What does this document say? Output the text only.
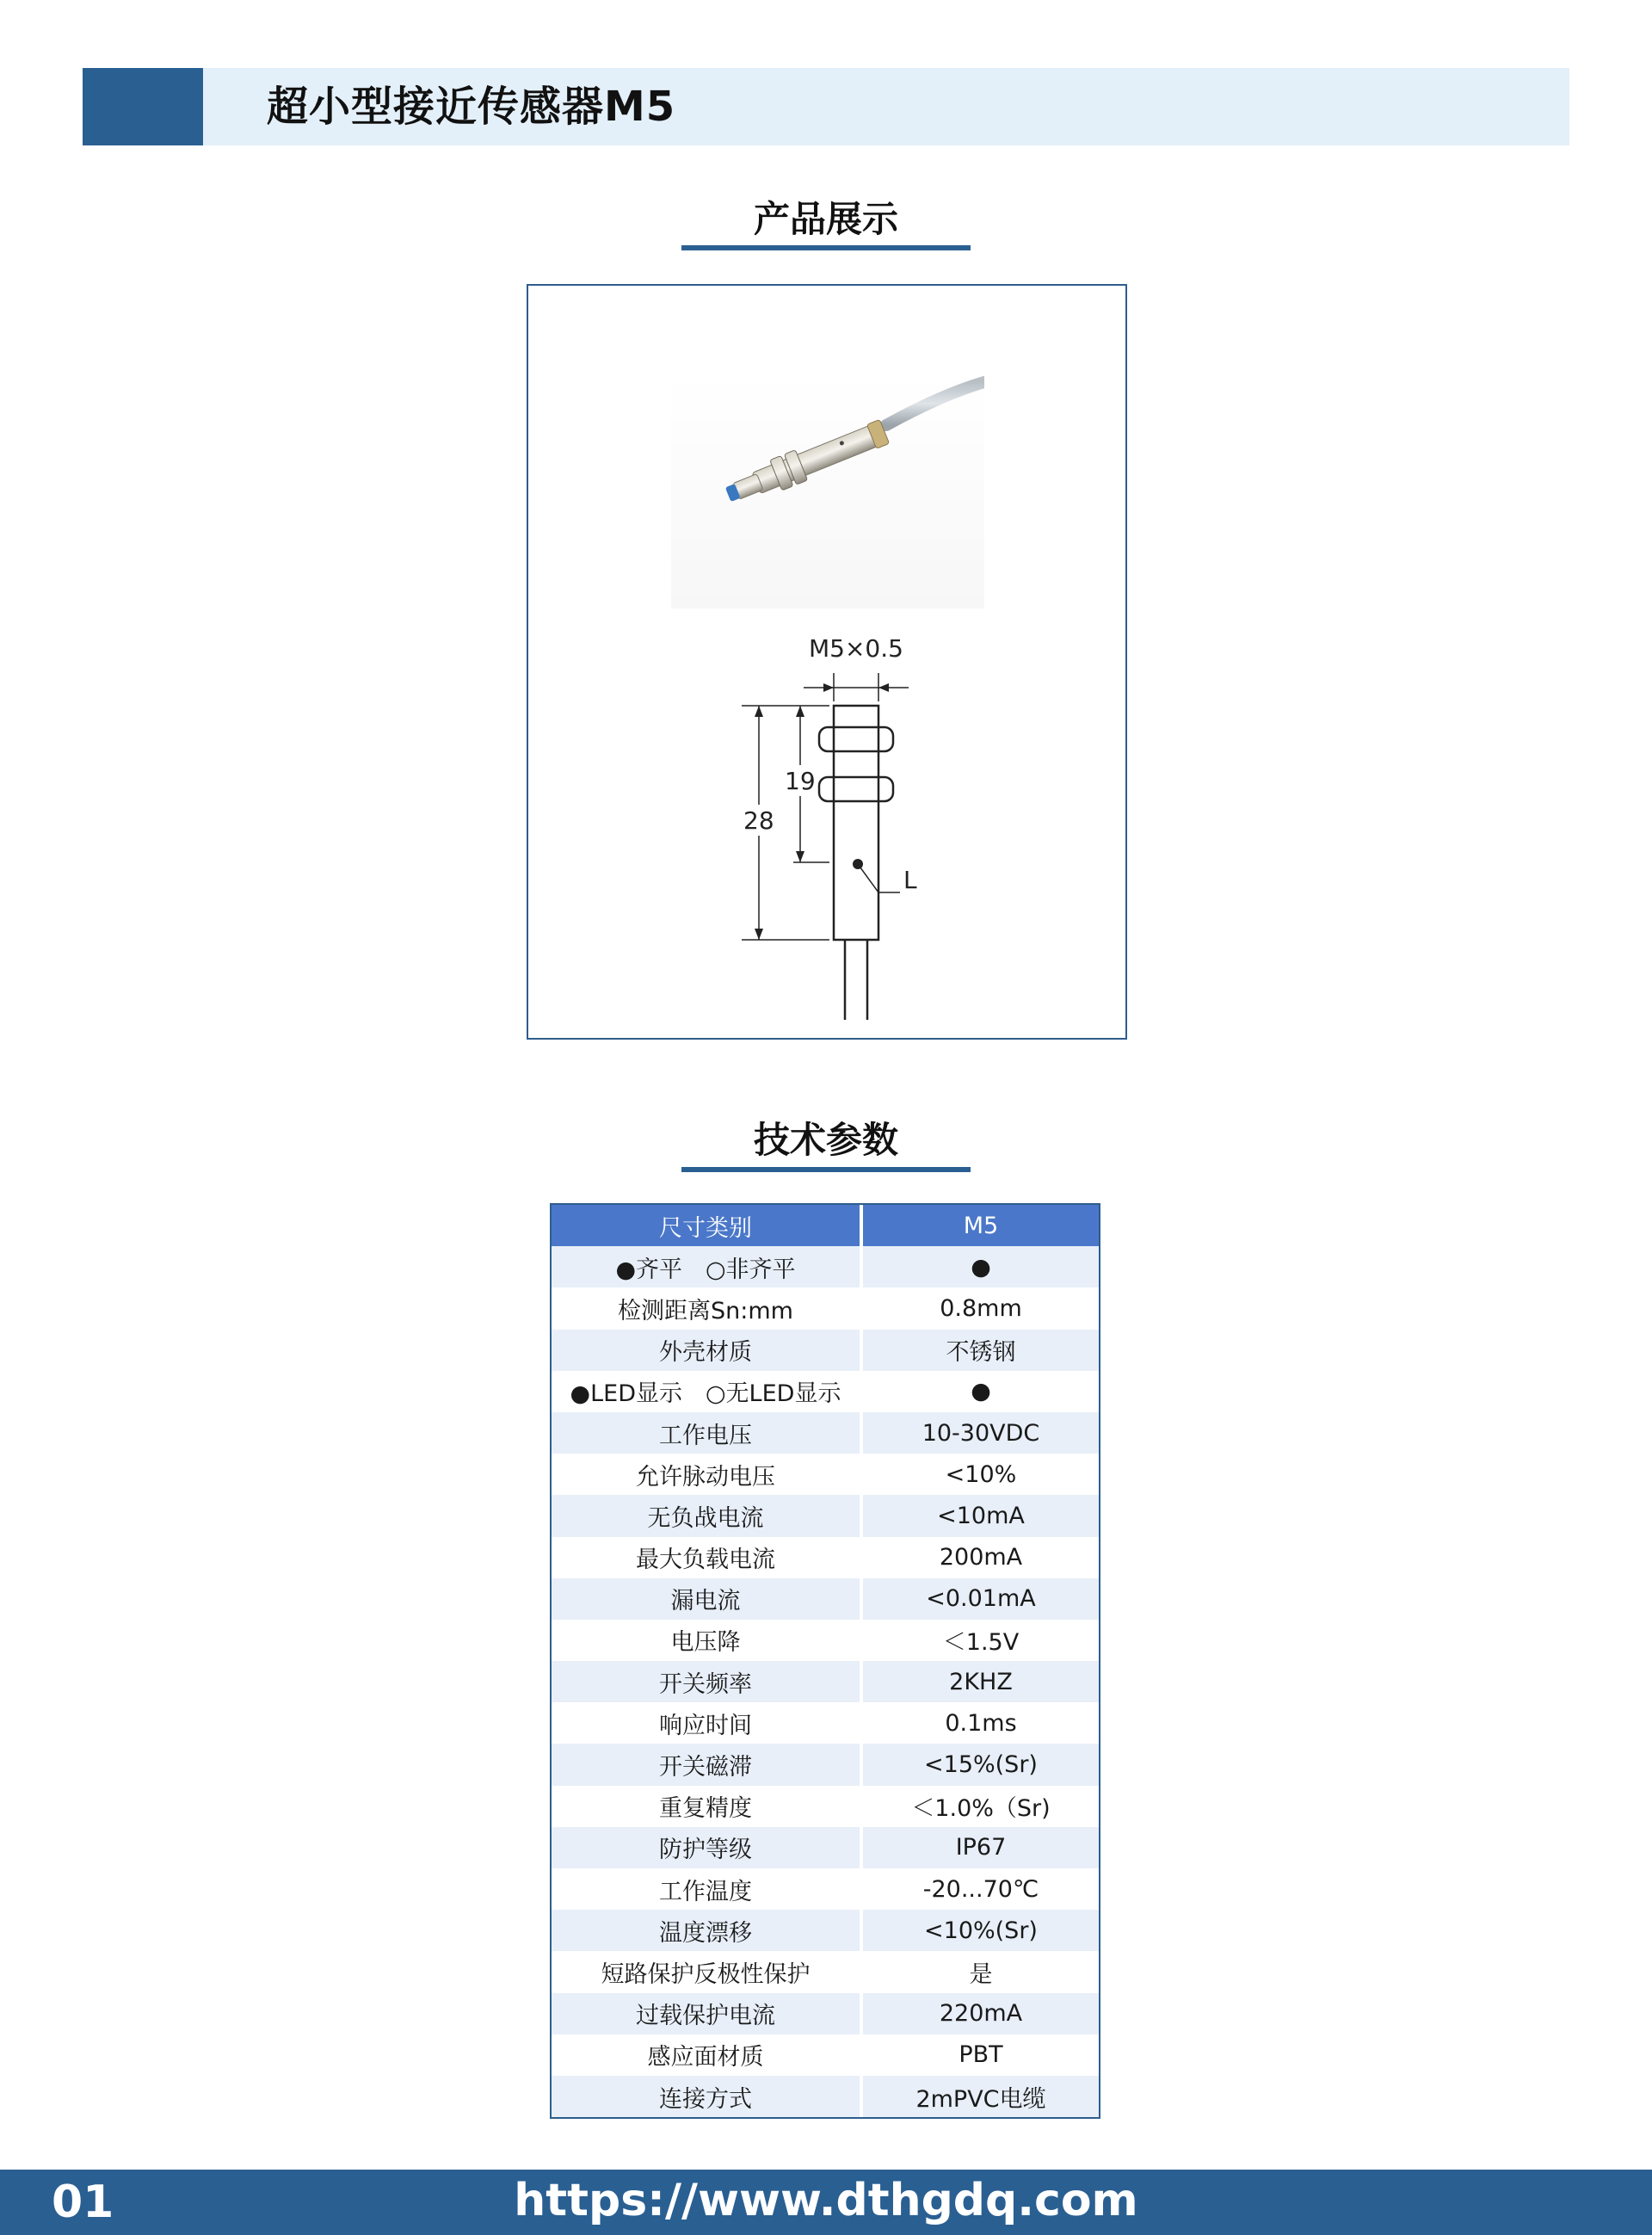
超小型接近传感器M5
产品展示
M5×0.5
19
28
L
技术参数
尺寸类别	M5
●齐平　○非齐平	●
检测距离Sn:mm	0.8mm
外壳材质	不锈钢
●LED显示　○无LED显示	●
工作电压	10-30VDC
允许脉动电压	<10%
无负战电流	<10mA
最大负载电流	200mA
漏电流	<0.01mA
电压降	＜1.5V
开关频率	2KHZ
响应时间	0.1ms
开关磁滞	<15%(Sr)
重复精度	＜1.0%（Sr)
防护等级	IP67
工作温度	-20...70℃
温度漂移	<10%(Sr)
短路保护反极性保护	是
过载保护电流	220mA
感应面材质	PBT
连接方式	2mPVC电缆
01	https://www.dthgdq.com
